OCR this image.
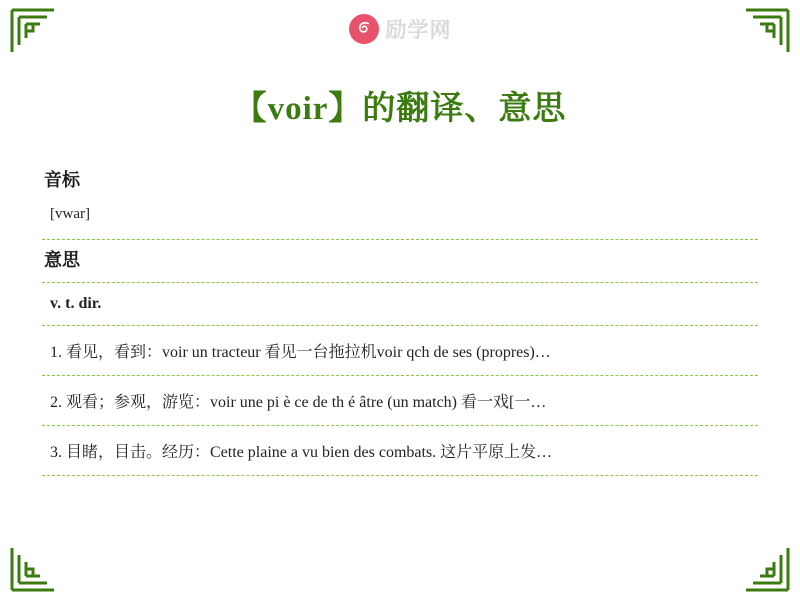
励学网
【voir】的翻译、意思
音标
[vwar]
意思
v. t. dir.
1. 看见，看到：voir un tracteur 看见一台拖拉机voir qch de ses (propres)…
2. 观看；参观，游览：voir une pi è ce de th é âtre (un match) 看一戏[一…
3. 目睹，目击。经历：Cette plaine a vu bien des combats. 这片平原上发…
